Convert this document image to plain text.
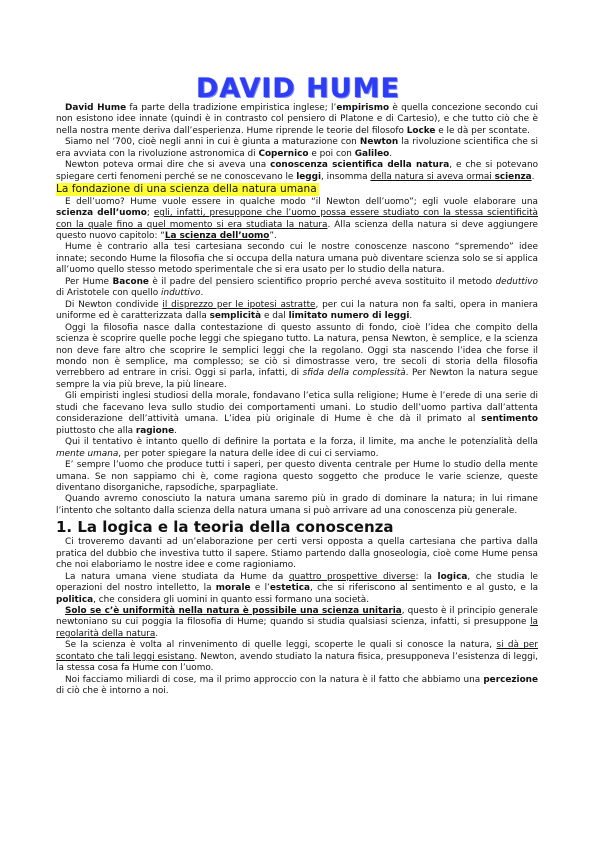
DAVID HUME

David Hume fa parte della tradizione empiristica inglese; l’empirismo è quella concezione secondo cui non esistono idee innate (quindi è in contrasto col pensiero di Platone e di Cartesio), e che tutto ciò che è nella nostra mente deriva dall’esperienza. Hume riprende le teorie del filosofo Locke e le dà per scontate.

Siamo nel ‘700, cioè negli anni in cui è giunta a maturazione con Newton la rivoluzione scientifica che si era avviata con la rivoluzione astronomica di Copernico e poi con Galileo.

Newton poteva ormai dire che si aveva una conoscenza scientifica della natura, e che si potevano spiegare certi fenomeni perché se ne conoscevano le leggi, insomma della natura si aveva ormai scienza.

La fondazione di una scienza della natura umana

E dell’uomo? Hume vuole essere in qualche modo “il Newton dell’uomo”; egli vuole elaborare una scienza dell’uomo; egli, infatti, presuppone che l’uomo possa essere studiato con la stessa scientificità con la quale fino a quel momento si era studiata la natura. Alla scienza della natura si deve aggiungere questo nuovo capitolo: “La scienza dell’uomo”.

Hume è contrario alla tesi cartesiana secondo cui le nostre conoscenze nascono “spremendo” idee innate; secondo Hume la filosofia che si occupa della natura umana può diventare scienza solo se si applica all’uomo quello stesso metodo sperimentale che si era usato per lo studio della natura.

Per Hume Bacone è il padre del pensiero scientifico proprio perché aveva sostituito il metodo deduttivo di Aristotele con quello induttivo.

Di Newton condivide il disprezzo per le ipotesi astratte, per cui la natura non fa salti, opera in maniera uniforme ed è caratterizzata dalla semplicità e dal limitato numero di leggi.

Oggi la filosofia nasce dalla contestazione di questo assunto di fondo, cioè l’idea che compito della scienza è scoprire quelle poche leggi che spiegano tutto. La natura, pensa Newton, è semplice, e la scienza non deve fare altro che scoprire le semplici leggi che la regolano. Oggi sta nascendo l’idea che forse il mondo non è semplice, ma complesso; se ciò si dimostrasse vero, tre secoli di storia della filosofia verrebbero ad entrare in crisi. Oggi si parla, infatti, di sfida della complessità. Per Newton la natura segue sempre la via più breve, la più lineare.

Gli empiristi inglesi studiosi della morale, fondavano l’etica sulla religione; Hume è l’erede di una serie di studi che facevano leva sullo studio dei comportamenti umani. Lo studio dell’uomo partiva dall’attenta considerazione dell’attività umana. L’idea più originale di Hume è che dà il primato al sentimento piuttosto che alla ragione.

Qui il tentativo è intanto quello di definire la portata e la forza, il limite, ma anche le potenzialità della mente umana, per poter spiegare la natura delle idee di cui ci serviamo.

E’ sempre l’uomo che produce tutti i saperi, per questo diventa centrale per Hume lo studio della mente umana. Se non sappiamo chi è, come ragiona questo soggetto che produce le varie scienze, queste diventano disorganiche, rapsodiche, sparpagliate.

Quando avremo conosciuto la natura umana saremo più in grado di dominare la natura; in lui rimane l’intento che soltanto dalla scienza della natura umana si può arrivare ad una conoscenza più generale.

1. La logica e la teoria della conoscenza

Ci troveremo davanti ad un’elaborazione per certi versi opposta a quella cartesiana che partiva dalla pratica del dubbio che investiva tutto il sapere. Stiamo partendo dalla gnoseologia, cioè come Hume pensa che noi elaboriamo le nostre idee e come ragioniamo.

La natura umana viene studiata da Hume da quattro prospettive diverse: la logica, che studia le operazioni del nostro intelletto, la morale e l’estetica, che si riferiscono al sentimento e al gusto, e la politica, che considera gli uomini in quanto essi formano una società.

Solo se c’è uniformità nella natura è possibile una scienza unitaria, questo è il principio generale newtoniano su cui poggia la filosofia di Hume; quando si studia qualsiasi scienza, infatti, si presuppone la regolarità della natura.

Se la scienza è volta al rinvenimento di quelle leggi, scoperte le quali si conosce la natura, si dà per scontato che tali leggi esistano. Newton, avendo studiato la natura fisica, presupponeva l’esistenza di leggi, la stessa cosa fa Hume con l’uomo.

Noi facciamo miliardi di cose, ma il primo approccio con la natura è il fatto che abbiamo una percezione di ciò che è intorno a noi.
